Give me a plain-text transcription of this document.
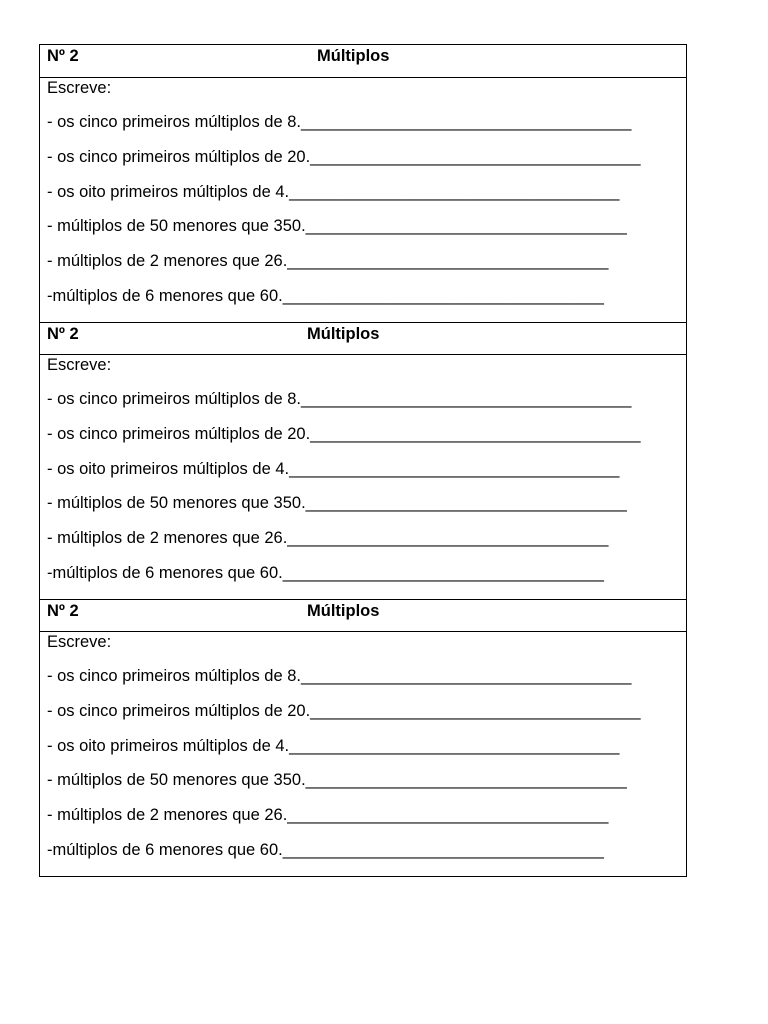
Nº 2	Múltiplos
Escreve:
- os cinco primeiros múltiplos de 8.____________________________________
- os cinco primeiros múltiplos de 20.____________________________________
- os oito primeiros múltiplos de 4.____________________________________
- múltiplos de 50 menores que 350.___________________________________
- múltiplos de 2 menores que 26.___________________________________
-múltiplos de 6 menores que 60.___________________________________
Nº 2	Múltiplos
Escreve:
- os cinco primeiros múltiplos de 8.____________________________________
- os cinco primeiros múltiplos de 20.____________________________________
- os oito primeiros múltiplos de 4.____________________________________
- múltiplos de 50 menores que 350.___________________________________
- múltiplos de 2 menores que 26.___________________________________
-múltiplos de 6 menores que 60.___________________________________
Nº 2	Múltiplos
Escreve:
- os cinco primeiros múltiplos de 8.____________________________________
- os cinco primeiros múltiplos de 20.____________________________________
- os oito primeiros múltiplos de 4.____________________________________
- múltiplos de 50 menores que 350.___________________________________
- múltiplos de 2 menores que 26.___________________________________
-múltiplos de 6 menores que 60.___________________________________
